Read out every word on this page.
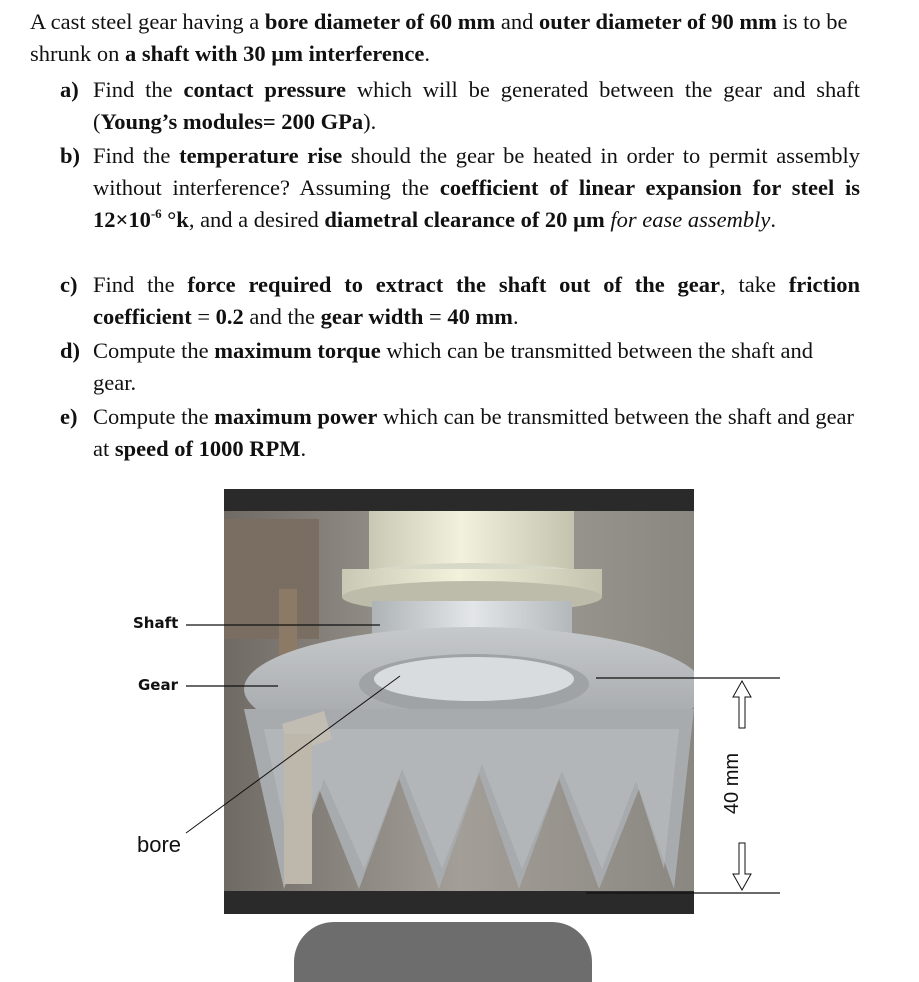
A cast steel gear having a bore diameter of 60 mm and outer diameter of 90 mm is to be shrunk on a shaft with 30 µm interference.
a) Find the contact pressure which will be generated between the gear and shaft (Young’s modules= 200 GPa).
b) Find the temperature rise should the gear be heated in order to permit assembly without interference? Assuming the coefficient of linear expansion for steel is $12\times 10^{-6}$ °k, and a desired diametral clearance of 20 µm for ease assembly.
c) Find the force required to extract the shaft out of the gear, take friction coefficient = 0.2 and the gear width = 40 mm.
d) Compute the maximum torque which can be transmitted between the shaft and gear.
e) Compute the maximum power which can be transmitted between the shaft and gear at speed of 1000 RPM.
Shaft
Gear
bore
40 mm
